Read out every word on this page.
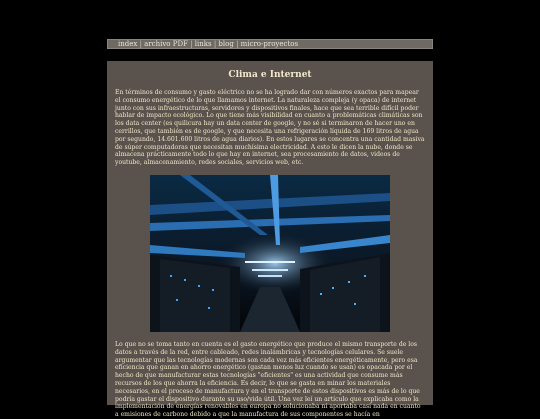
index | archivo PDF | links | blog | micro-proyectos
Clima e Internet

En términos de consumo y gasto eléctrico no se ha logrado dar con números exactos para mapear el consumo energético de lo que llamamos internet. La naturaleza compleja (y opaca) de internet junto con sus infraestructuras, servidores y dispositivos finales, hace que sea terrible difícil poder hablar de impacto ecológico. Lo que tiene más visibilidad en cuanto a problemáticas climáticas son los data center (es quilicura hay un data center de google, y no sé si terminaron de hacer uno en cerrillos, que también es de google, y que necesita una refrigeración líquida de 169 litros de agua por segundo, 14.601.600 litros de agua diarios). En estos lugares se concentra una cantidad masiva de súper computadoras que necesitan muchísima electricidad. A esto le dicen la nube, donde se almacena prácticamente todo lo que hay en internet, sea procesamiento de datos, videos de youtube, almacenamiento, redes sociales, servicios web, etc.

Lo que no se toma tanto en cuenta es el gasto energético que produce el mismo transporte de los datos a través de la red, entre cableado, redes inalámbricas y tecnologías celulares. Se suele argumentar que las tecnologías modernas son cada vez más eficientes energéticamente, pero esa eficiencia que ganan en ahorro energético (gastan menos luz cuando se usan) es opacada por el hecho de que manufacturar estas tecnologías "eficientes" es una actividad que consume más recursos de los que ahorra la eficiencia. Es decir, lo que se gasta en minar los materiales necesarios, en el proceso de manufactura y en el transporte de estos dispositivos es más de lo que podría gastar el dispositivo durante su uso/vida útil. Una vez leí un artículo que explicaba como la implementación de energías renovables en europa no solucionaba ni aportaba casi nada en cuanto a emisiones de carbono debido a que la manufactura de sus componentes se hacía en
